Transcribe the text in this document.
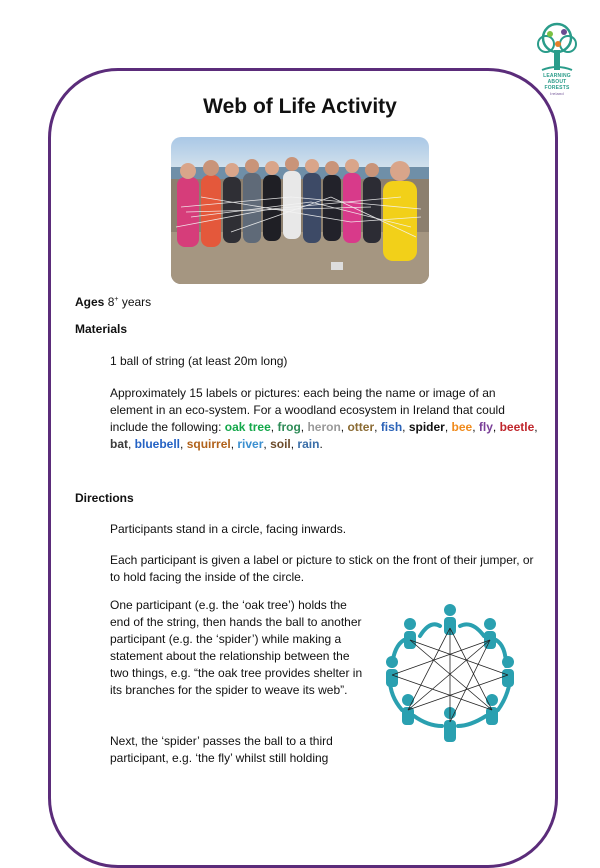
LEARNING
ABOUT
FORESTS
Ireland
Web of Life Activity

Ages 8+ years

Materials

1 ball of string (at least 20m long)

Approximately 15 labels or pictures: each being the name or image of an element in an eco-system. For a woodland ecosystem in Ireland that could include the following: oak tree, frog, heron, otter, fish, spider, bee, fly, beetle, bat, bluebell, squirrel, river, soil, rain.

Directions

Participants stand in a circle, facing inwards.

Each participant is given a label or picture to stick on the front of their jumper, or to hold facing the inside of the circle.

One participant (e.g. the ‘oak tree’) holds the end of the string, then hands the ball to another participant (e.g. the ‘spider’) while making a statement about the relationship between the two things, e.g. “the oak tree provides shelter in its branches for the spider to weave its web”.

Next, the ‘spider’ passes the ball to a third participant, e.g. ‘the fly’ whilst still holding
